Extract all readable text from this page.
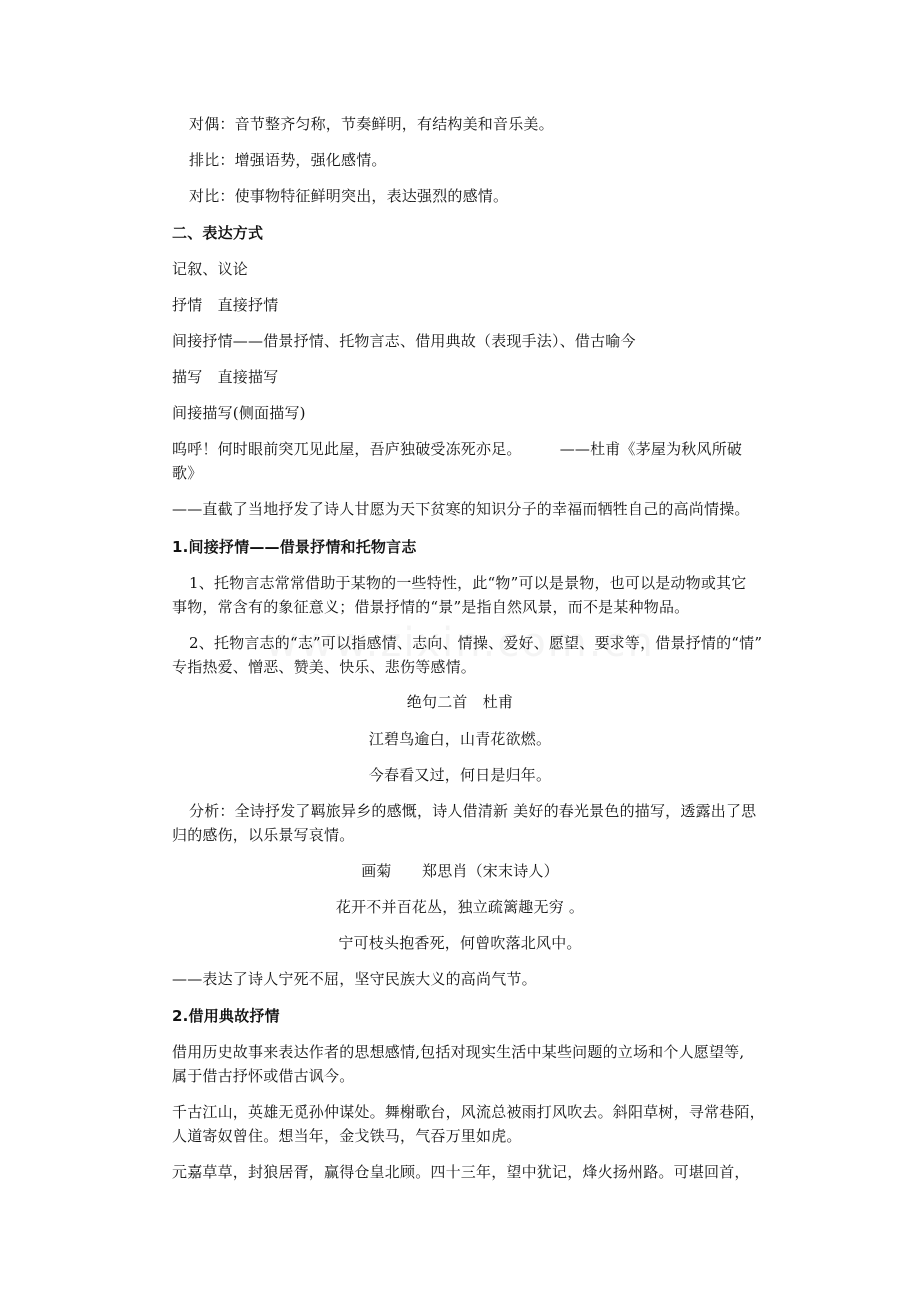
对偶：音节整齐匀称，节奏鲜明，有结构美和音乐美。
排比：增强语势，强化感情。
对比：使事物特征鲜明突出，表达强烈的感情。
二、表达方式
记叙、议论
抒情　直接抒情
间接抒情——借景抒情、托物言志、借用典故（表现手法）、借古喻今
描写　直接描写
间接描写(侧面描写)
呜呼！何时眼前突兀见此屋，吾庐独破受冻死亦足。　　　——杜甫《茅屋为秋风所破
歌》
——直截了当地抒发了诗人甘愿为天下贫寒的知识分子的幸福而牺牲自己的高尚情操。
1.间接抒情——借景抒情和托物言志
1、托物言志常常借助于某物的一些特性，此“物”可以是景物，也可以是动物或其它
事物，常含有的象征意义；借景抒情的“景”是指自然风景，而不是某种物品。
2、托物言志的“志”可以指感情、志向、情操、爱好、愿望、要求等，借景抒情的“情”
专指热爱、憎恶、赞美、快乐、悲伤等感情。
绝句二首　杜甫
江碧鸟逾白，山青花欲燃。
今春看又过，何日是归年。
分析：全诗抒发了羁旅异乡的感慨，诗人借清新 美好的春光景色的描写，透露出了思
归的感伤，以乐景写哀情。
画菊　　郑思肖（宋末诗人）
花开不并百花丛，独立疏篱趣无穷 。
宁可枝头抱香死，何曾吹落北风中。
——表达了诗人宁死不屈，坚守民族大义的高尚气节。
2.借用典故抒情
借用历史故事来表达作者的思想感情,包括对现实生活中某些问题的立场和个人愿望等,
属于借古抒怀或借古讽今。
千古江山，英雄无觅孙仲谋处。舞榭歌台，风流总被雨打风吹去。斜阳草树，寻常巷陌，
人道寄奴曾住。想当年，金戈铁马，气吞万里如虎。
元嘉草草，封狼居胥，赢得仓皇北顾。四十三年，望中犹记，烽火扬州路。可堪回首，
